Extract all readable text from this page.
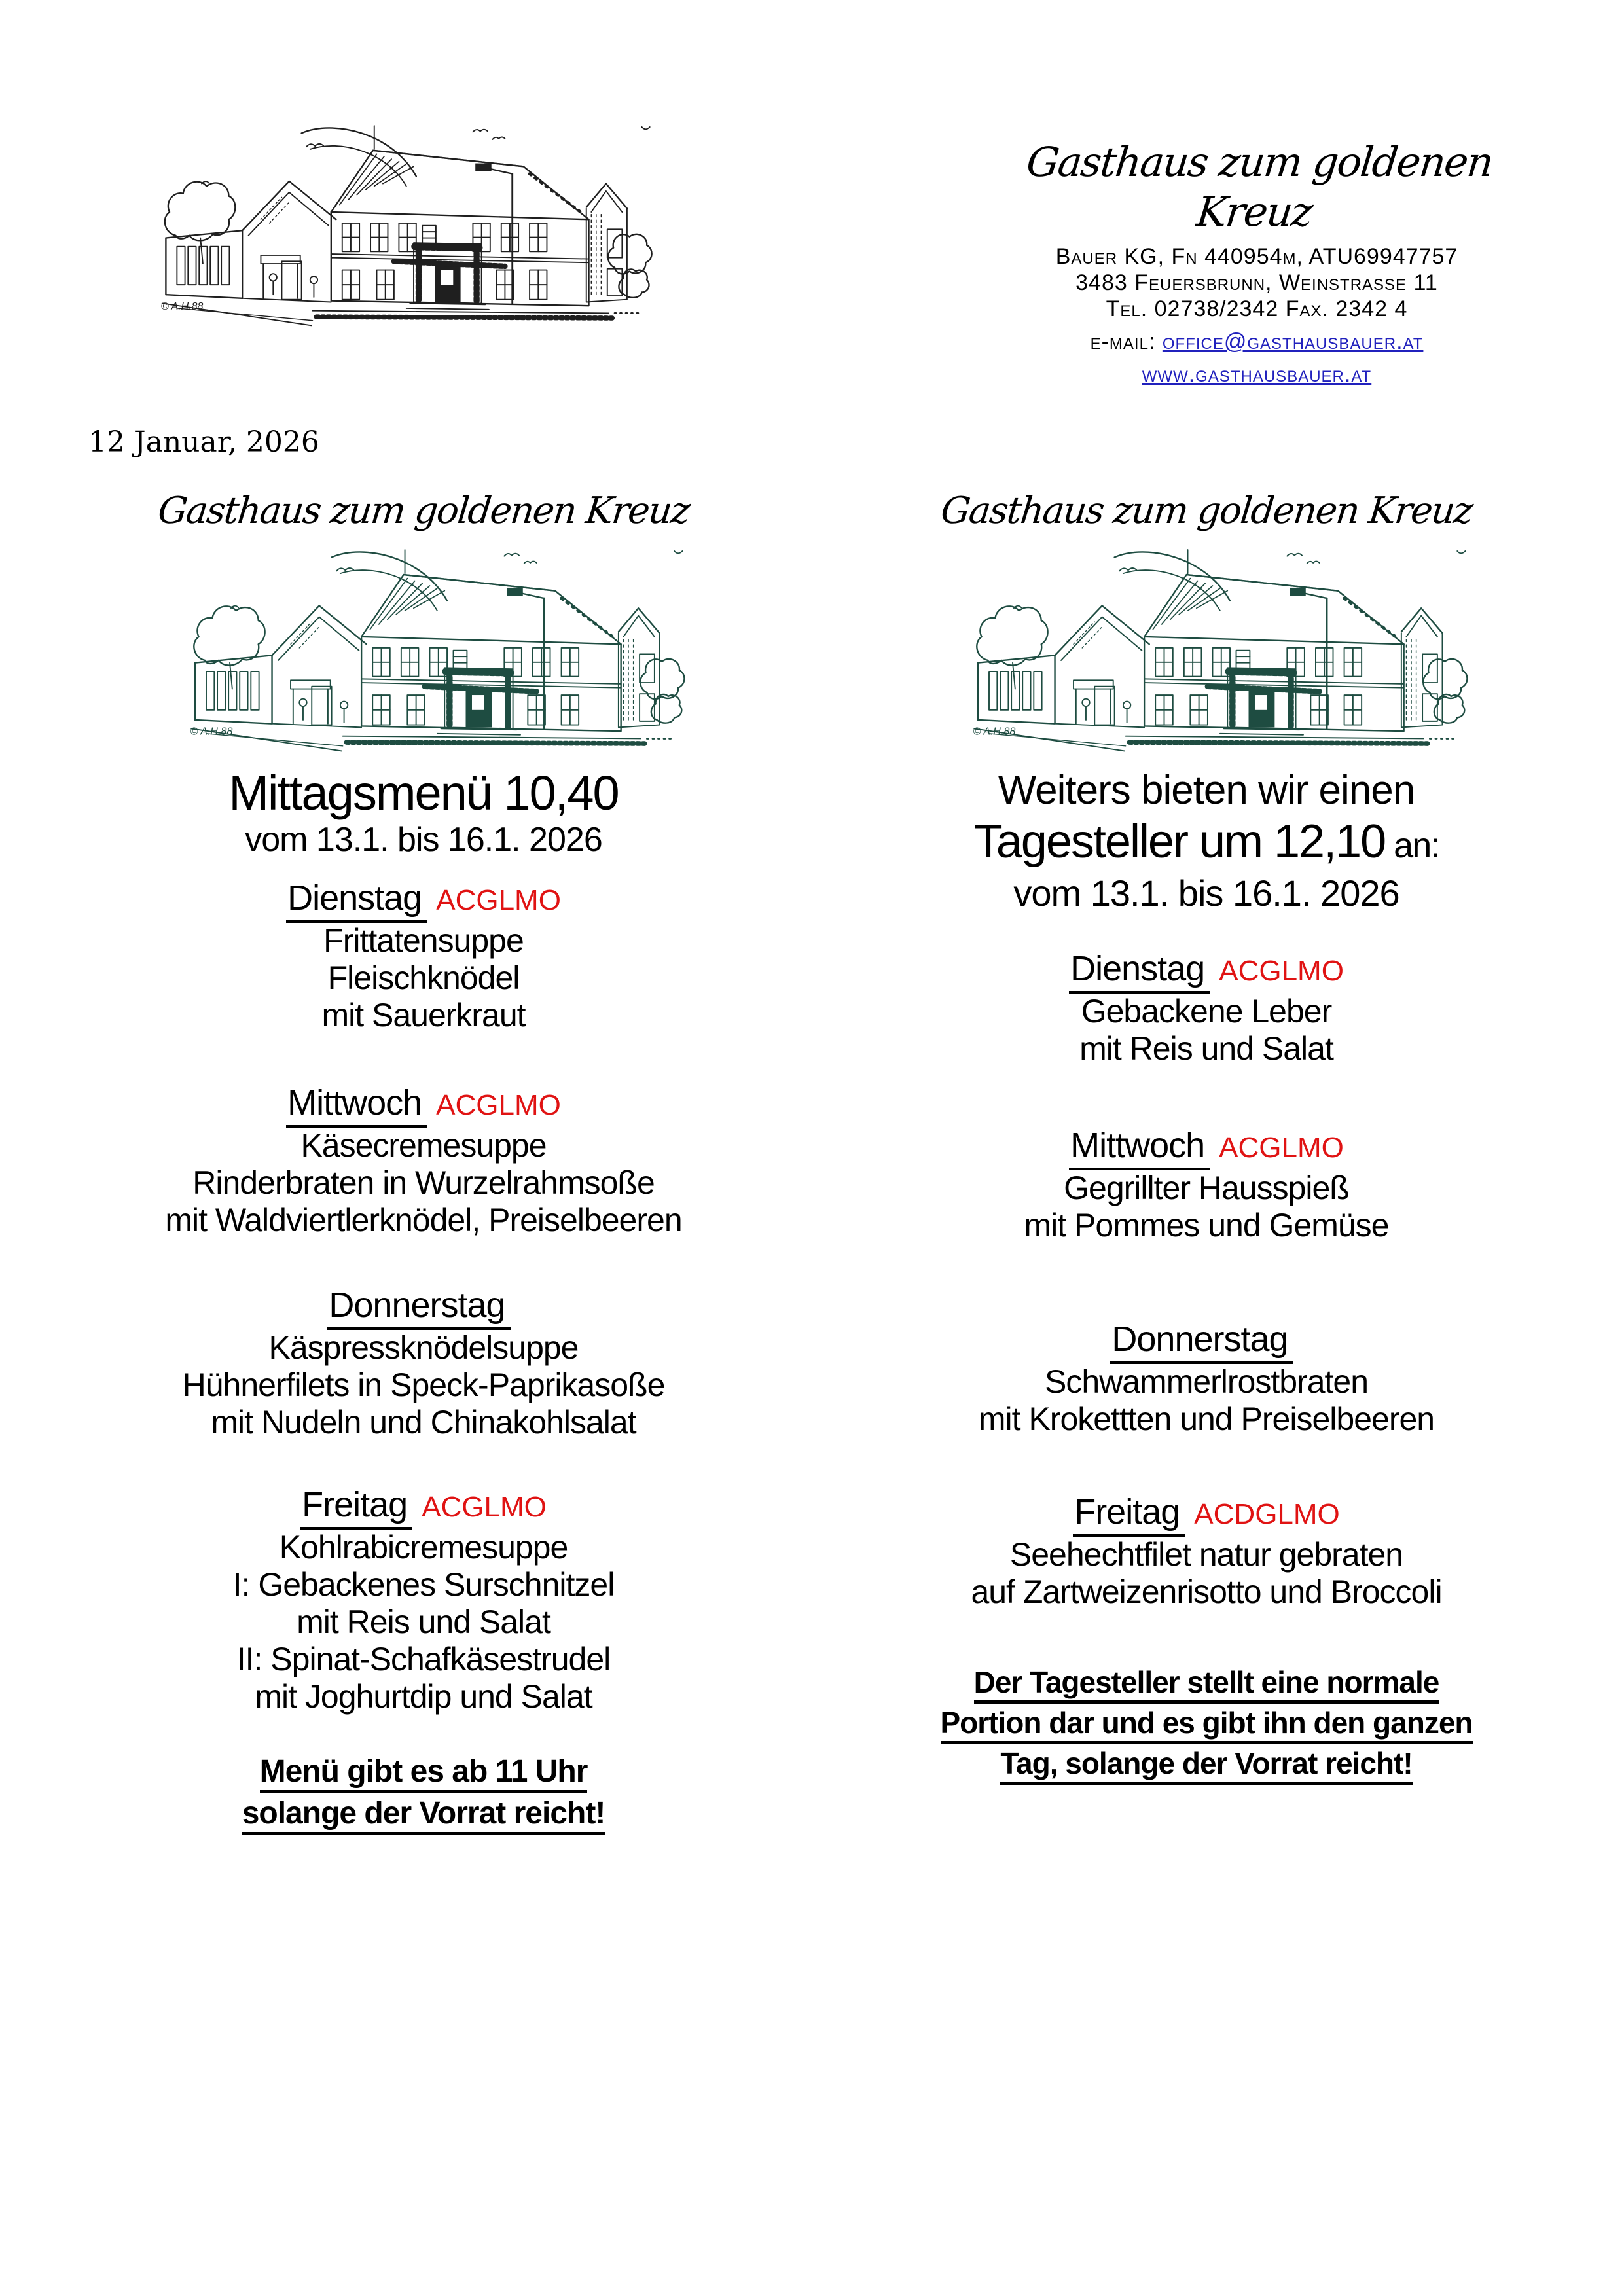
© A.H.88
Gasthaus zum goldenen Kreuz
Bauer KG, Fn 440954m, ATU69947757
3483 Feuersbrunn, Weinstrasse 11
Tel. 02738/2342 Fax. 2342 4
e-mail: office@gasthausbauer.at
www.gasthausbauer.at
12 Januar, 2026
Gasthaus zum goldenen Kreuz
© A.H.88
Mittagsmenü 10,40
vom 13.1. bis 16.1. 2026
Dienstag ACGLMO
Frittatensuppe
Fleischknödel
mit Sauerkraut
Mittwoch ACGLMO
Käsecremesuppe
Rinderbraten in Wurzelrahmsoße
mit Waldviertlerknödel, Preiselbeeren
Donnerstag
Käspressknödelsuppe
Hühnerfilets in Speck-Paprikasoße
mit Nudeln und Chinakohlsalat
Freitag ACGLMO
Kohlrabicremesuppe
I: Gebackenes Surschnitzel
mit Reis und Salat
II: Spinat-Schafkäsestrudel
mit Joghurtdip und Salat
Menü gibt es ab 11 Uhr
solange der Vorrat reicht!
Gasthaus zum goldenen Kreuz
© A.H.88
Weiters bieten wir einen
Tagesteller um 12,10 an:
vom 13.1. bis 16.1. 2026
Dienstag ACGLMO
Gebackene Leber
mit Reis und Salat
Mittwoch ACGLMO
Gegrillter Hausspieß
mit Pommes und Gemüse
Donnerstag
Schwammerlrostbraten
mit Krokettten und Preiselbeeren
Freitag ACDGLMO
Seehechtfilet natur gebraten
auf Zartweizenrisotto und Broccoli
Der Tagesteller stellt eine normale
Portion dar und es gibt ihn den ganzen
Tag, solange der Vorrat reicht!
